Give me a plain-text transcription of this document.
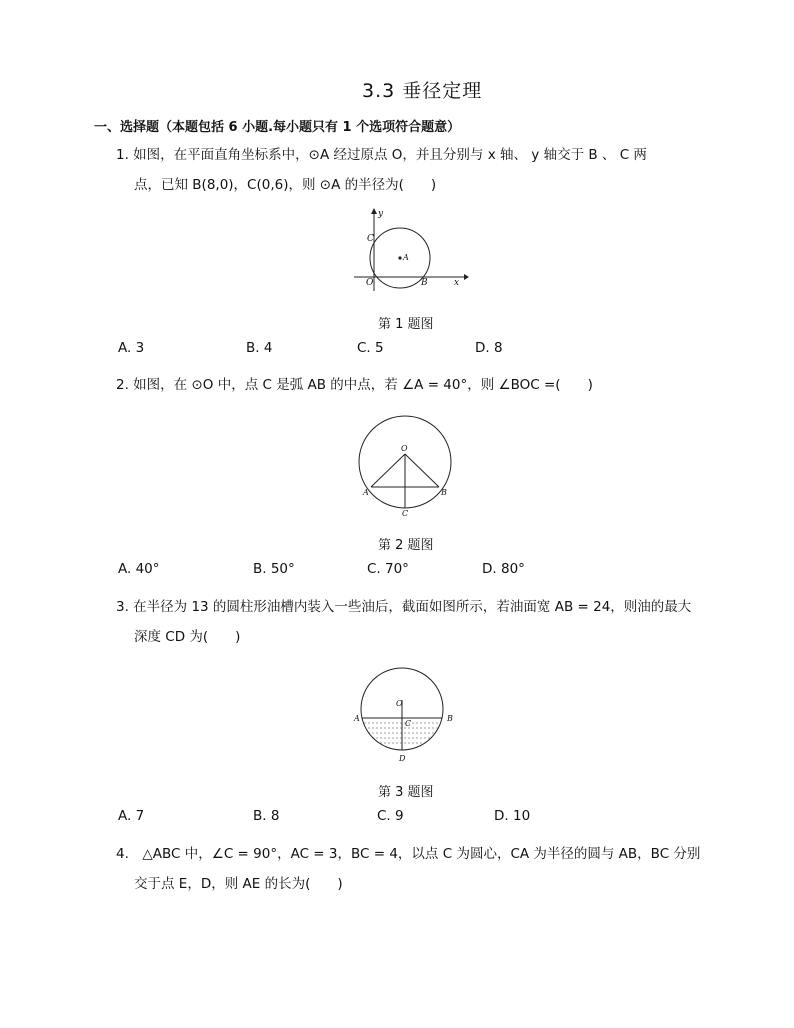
3.3 垂径定理
一、选择题（本题包括 6 小题.每小题只有 1 个选项符合题意）
1. 如图，在平面直角坐标系中，⊙A 经过原点 O，并且分别与 x 轴、 y 轴交于 B 、 C 两
点，已知 B(8,0)，C(0,6)，则 ⊙A 的半径为(　　)
y
x
C
A
O	B
第 1 题图
A. 3	B. 4	C. 5	D. 8
2. 如图，在 ⊙O 中，点 C 是弧 AB 的中点，若 ∠A = 40°，则 ∠BOC =(　　)
O
A	B
C
第 2 题图
A. 40°	B. 50°	C. 70°	D. 80°
3. 在半径为 13 的圆柱形油槽内装入一些油后，截面如图所示，若油面宽 AB = 24，则油的最大
深度 CD 为(　　)
O
A	B
C
D
第 3 题图
A. 7	B. 8	C. 9	D. 10
4.　△ABC 中，∠C = 90°，AC = 3，BC = 4，以点 C 为圆心，CA 为半径的圆与 AB，BC 分别
交于点 E，D，则 AE 的长为(　　)
